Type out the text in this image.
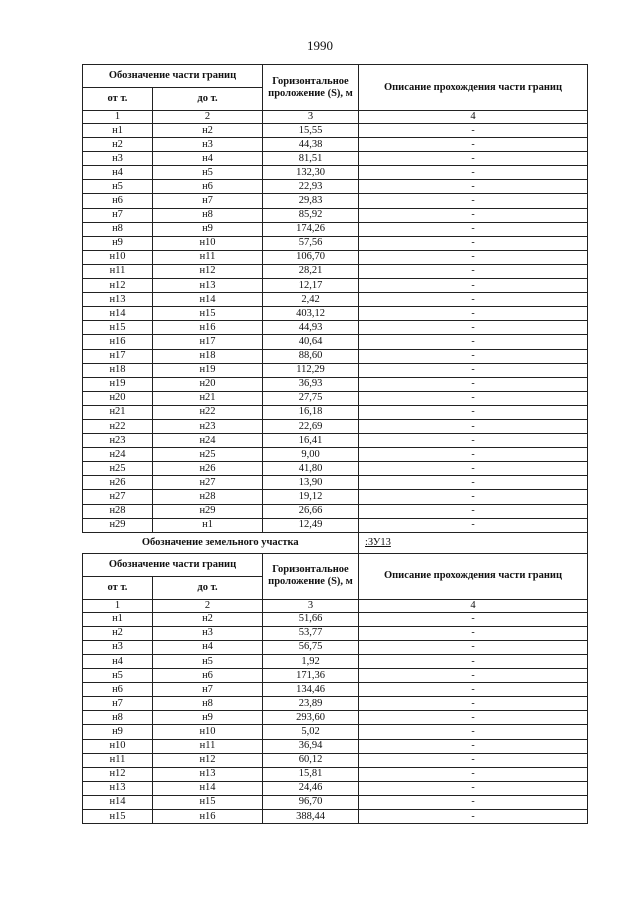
1990
Обозначение части границ		Горизонтальное проложение (S), м	Описание прохождения части границ
от т.	до т.		
1	2	3	4
н1	н2	15,55	-
н2	н3	44,38	-
н3	н4	81,51	-
н4	н5	132,30	-
н5	н6	22,93	-
н6	н7	29,83	-
н7	н8	85,92	-
н8	н9	174,26	-
н9	н10	57,56	-
н10	н11	106,70	-
н11	н12	28,21	-
н12	н13	12,17	-
н13	н14	2,42	-
н14	н15	403,12	-
н15	н16	44,93	-
н16	н17	40,64	-
н17	н18	88,60	-
н18	н19	112,29	-
н19	н20	36,93	-
н20	н21	27,75	-
н21	н22	16,18	-
н22	н23	22,69	-
н23	н24	16,41	-
н24	н25	9,00	-
н25	н26	41,80	-
н26	н27	13,90	-
н27	н28	19,12	-
н28	н29	26,66	-
н29	н1	12,49	-
Обозначение земельного участка			:ЗУ13
Обозначение части границ		Горизонтальное проложение (S), м	Описание прохождения части границ
от т.	до т.		
1	2	3	4
н1	н2	51,66	-
н2	н3	53,77	-
н3	н4	56,75	-
н4	н5	1,92	-
н5	н6	171,36	-
н6	н7	134,46	-
н7	н8	23,89	-
н8	н9	293,60	-
н9	н10	5,02	-
н10	н11	36,94	-
н11	н12	60,12	-
н12	н13	15,81	-
н13	н14	24,46	-
н14	н15	96,70	-
н15	н16	388,44	-
